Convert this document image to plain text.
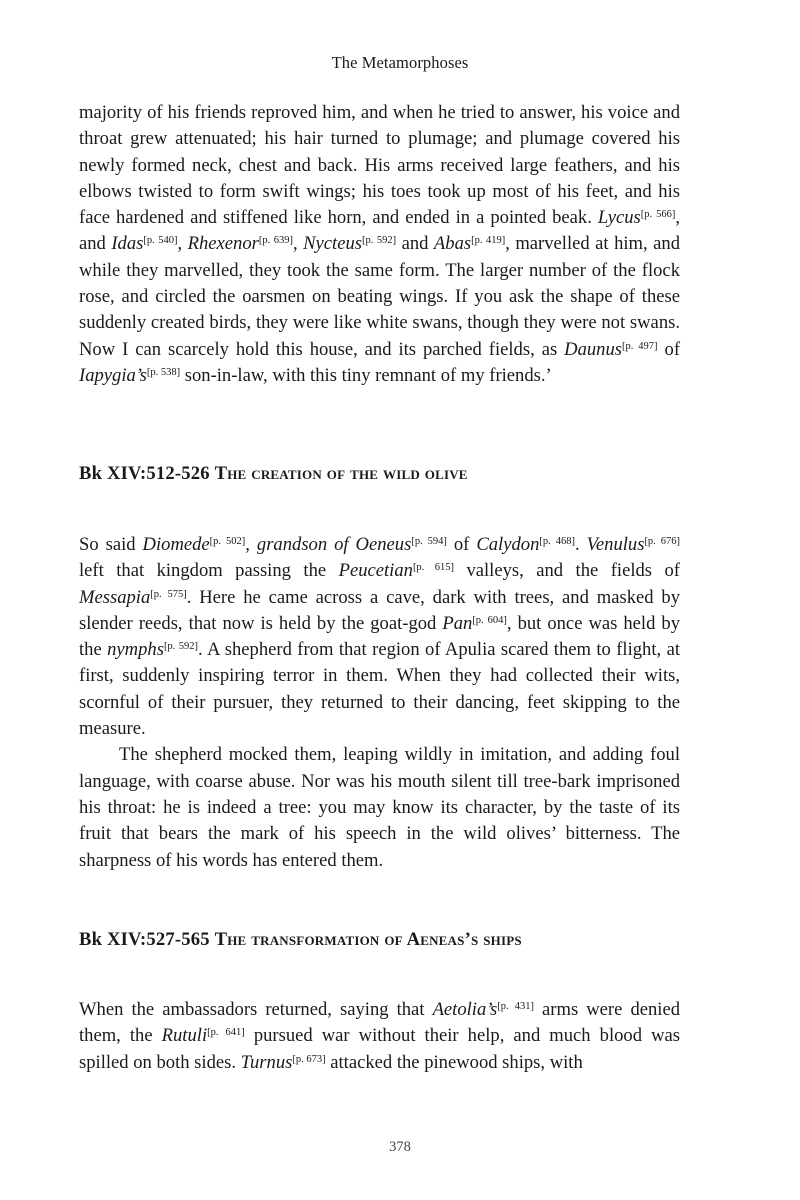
The Metamorphoses

majority of his friends reproved him, and when he tried to answer, his voice and throat grew attenuated; his hair turned to plumage; and plumage covered his newly formed neck, chest and back. His arms received large feathers, and his elbows twisted to form swift wings; his toes took up most of his feet, and his face hardened and stiffened like horn, and ended in a pointed beak. Lycus[p. 566], and Idas[p. 540], Rhexenor[p. 639], Nycteus[p. 592] and Abas[p. 419], marvelled at him, and while they marvelled, they took the same form. The larger number of the flock rose, and circled the oarsmen on beating wings. If you ask the shape of these suddenly created birds, they were like white swans, though they were not swans. Now I can scarcely hold this house, and its parched fields, as Daunus[p. 497] of Iapygia’s[p. 538] son-in-law, with this tiny remnant of my friends.’

Bk XIV:512-526 The creation of the wild olive

So said Diomede[p. 502], grandson of Oeneus[p. 594] of Calydon[p. 468]. Venulus[p. 676] left that kingdom passing the Peucetian[p. 615] valleys, and the fields of Messapia[p. 575]. Here he came across a cave, dark with trees, and masked by slender reeds, that now is held by the goat-god Pan[p. 604], but once was held by the nymphs[p. 592]. A shepherd from that region of Apulia scared them to flight, at first, suddenly inspiring terror in them. When they had collected their wits, scornful of their pursuer, they returned to their dancing, feet skipping to the measure.

The shepherd mocked them, leaping wildly in imitation, and adding foul language, with coarse abuse. Nor was his mouth silent till tree-bark imprisoned his throat: he is indeed a tree: you may know its character, by the taste of its fruit that bears the mark of his speech in the wild olives’ bitterness. The sharpness of his words has entered them.

Bk XIV:527-565 The transformation of Aeneas’s ships

When the ambassadors returned, saying that Aetolia’s[p. 431] arms were denied them, the Rutuli[p. 641] pursued war without their help, and much blood was spilled on both sides. Turnus[p. 673] attacked the pinewood ships, with

378
